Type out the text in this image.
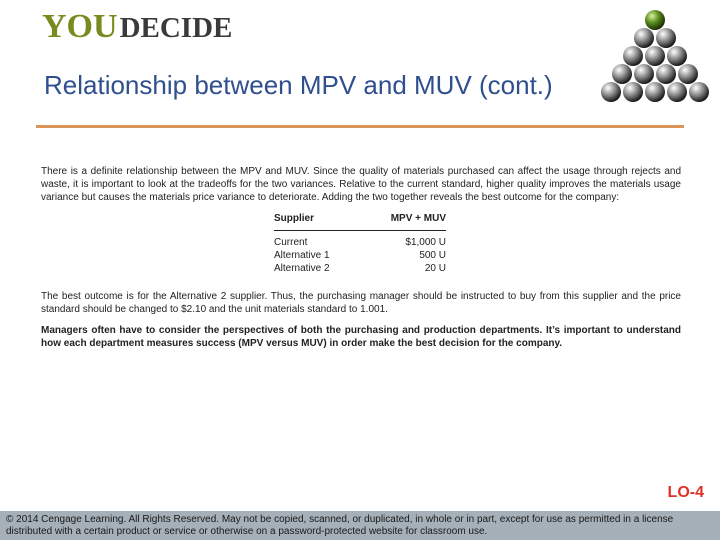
YOUDECIDE
Relationship between MPV and MUV (cont.)
There is a definite relationship between the MPV and MUV. Since the quality of materials purchased can affect the usage through rejects and waste, it is important to look at the tradeoffs for the two variances. Relative to the current standard, higher quality improves the materials usage variance but causes the materials price variance to deteriorate. Adding the two together reveals the best outcome for the company:
Supplier	MPV + MUV
Current	$1,000 U
Alternative 1	500 U
Alternative 2	20 U
The best outcome is for the Alternative 2 supplier. Thus, the purchasing manager should be instructed to buy from this supplier and the price standard should be changed to $2.10 and the unit materials standard to 1.001.
Managers often have to consider the perspectives of both the purchasing and production departments. It’s important to understand how each department measures success (MPV versus MUV) in order make the best decision for the company.
LO-4
© 2014 Cengage Learning. All Rights Reserved. May not be copied, scanned, or duplicated, in whole or in part, except for use as permitted in a license distributed with a certain product or service or otherwise on a password-protected website for classroom use.
